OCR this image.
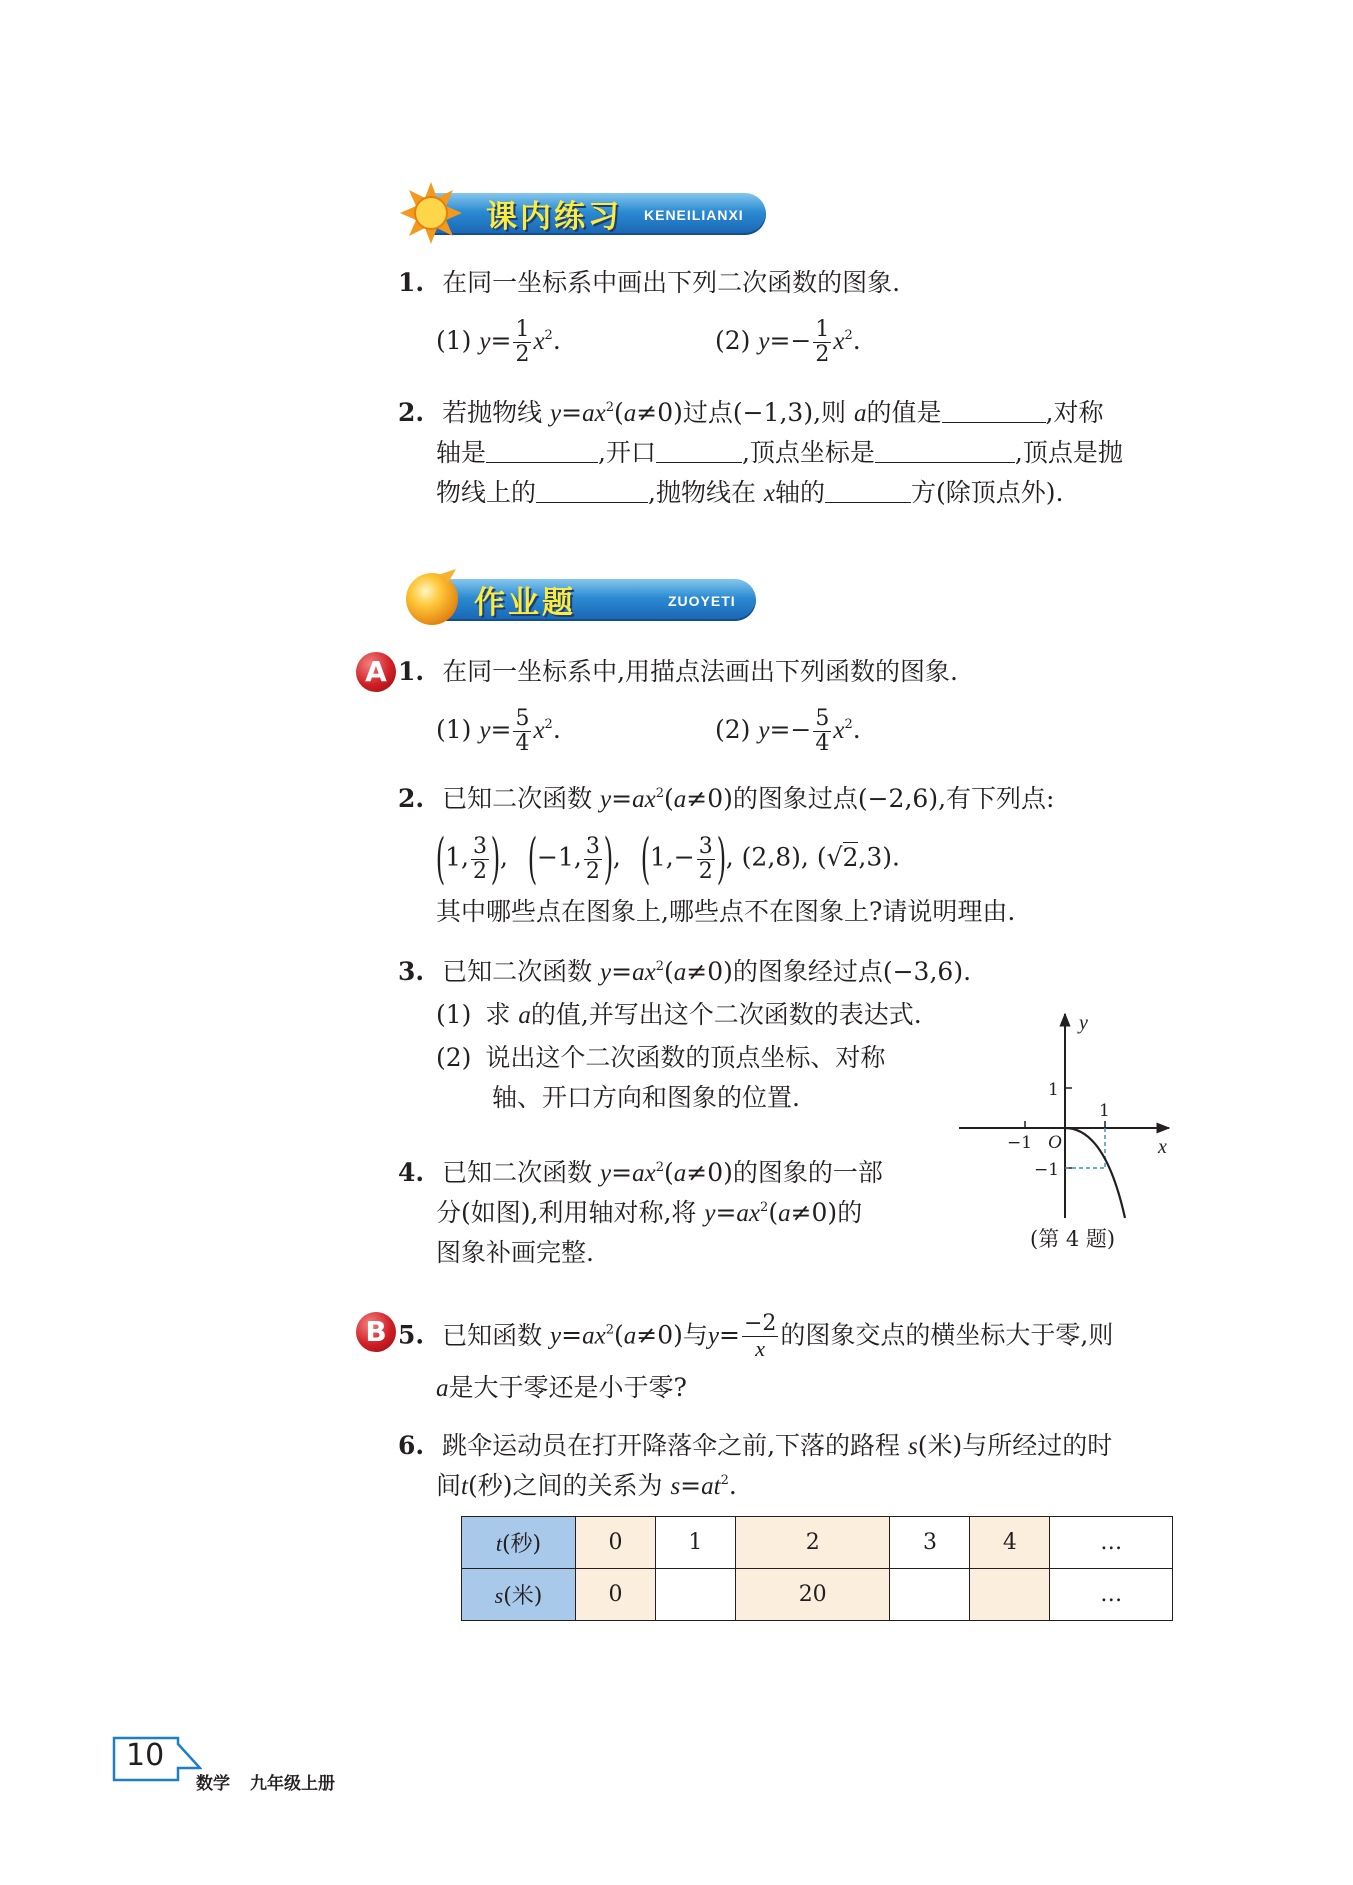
课内练习 KENEILIANXI
1. 在同一坐标系中画出下列二次函数的图象.
(1) $y= \frac{1}{2} x^2$.	(2) $y=- \frac{1}{2} x^2$.
2. 若抛物线 $y=ax^2(a\ne 0)$过点(−1,3),则 a的值是	,对称
轴是	,开口	,顶点坐标是	,顶点是抛
物线上的	,抛物线在 x轴的	方(除顶点外).
作业题	ZUOYETI
A 1. 在同一坐标系中,用描点法画出下列函数的图象.
(1) $y= \frac{5}{4} x^2$.	(2) $y=- \frac{5}{4} x^2$.
2. 已知二次函数 $y=ax^2(a\ne 0)$的图象过点(−2,6),有下列点:
(1, $\frac{3}{2}$ ), (−1, $\frac{3}{2}$ ), ($1,- \frac{3}{2}$ ), (2,8), (√2,3).
其中哪些点在图象上,哪些点不在图象上?请说明理由.
3. 已知二次函数 $y=ax^2(a\ne 0)$的图象经过点(−3,6).
(1) 求 a的值,并写出这个二次函数的表达式.
(2) 说出这个二次函数的顶点坐标、对称
轴、开口方向和图象的位置.
4. 已知二次函数 $y=ax^2(a\ne 0)$的图象的一部
分(如图),利用轴对称,将 $y=ax^2(a\ne 0)$的
图象补画完整.
y
x
1
1
−1 O
−1
(第 4 题)
B 5. 已知函数 $y=ax^2(a\ne 0)$与$y= \frac{-2}{x}$ 的图象交点的横坐标大于零,则
a是大于零还是小于零?
6. 跳伞运动员在打开降落伞之前,下落的路程 s(米)与所经过的时
间t(秒)之间的关系为 $s=at^2$.
t(秒)	0	1	2	3	4	…
s(米)	0		20			…
10
数学 九年级上册
